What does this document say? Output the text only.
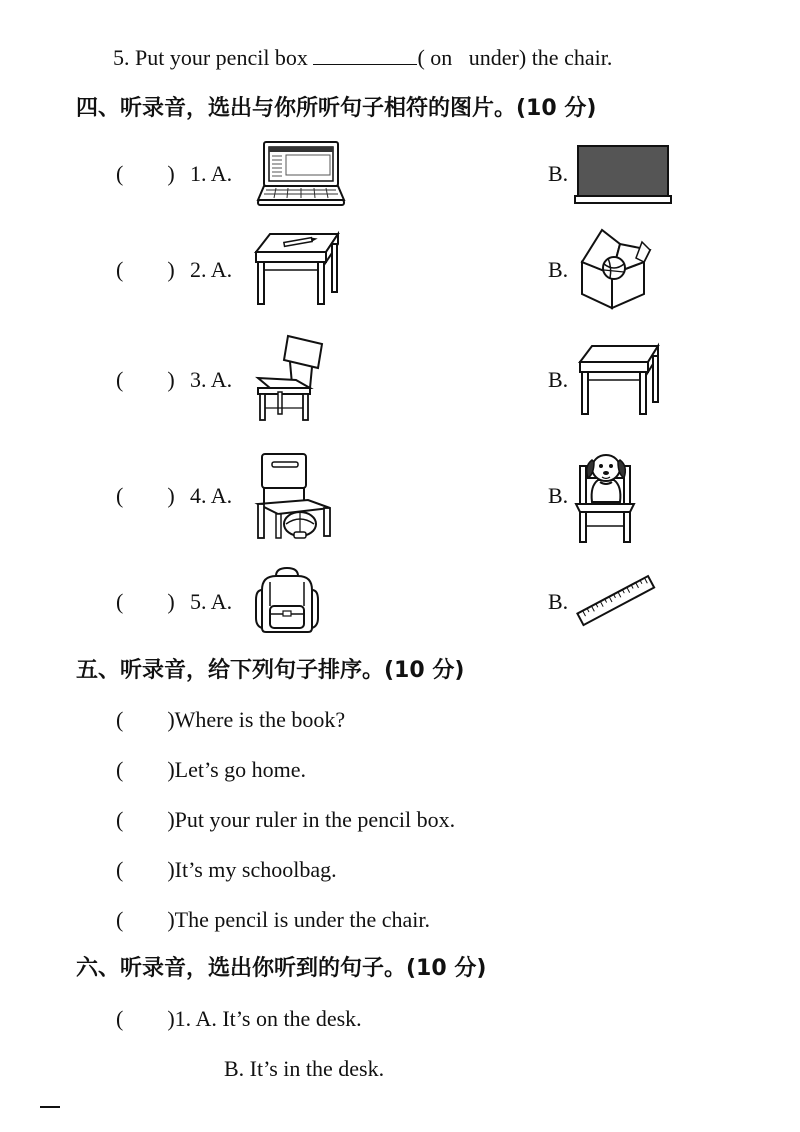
5. Put your pencil box	( on   under) the chair.
四、听录音，选出与你所听句子相符的图片。(10 分)
(        ) 1. A.	B.
(        ) 2. A.	B.
(        ) 3. A.	B.
(        ) 4. A.	B.
(        ) 5. A.	B.
五、听录音，给下列句子排序。(10 分)
(        )Where is the book?
(        )Let’s go home.
(        )Put your ruler in the pencil box.
(        )It’s my schoolbag.
(        )The pencil is under the chair.
六、听录音，选出你听到的句子。(10 分)
(        )1. A. It’s on the desk.
B. It’s in the desk.
